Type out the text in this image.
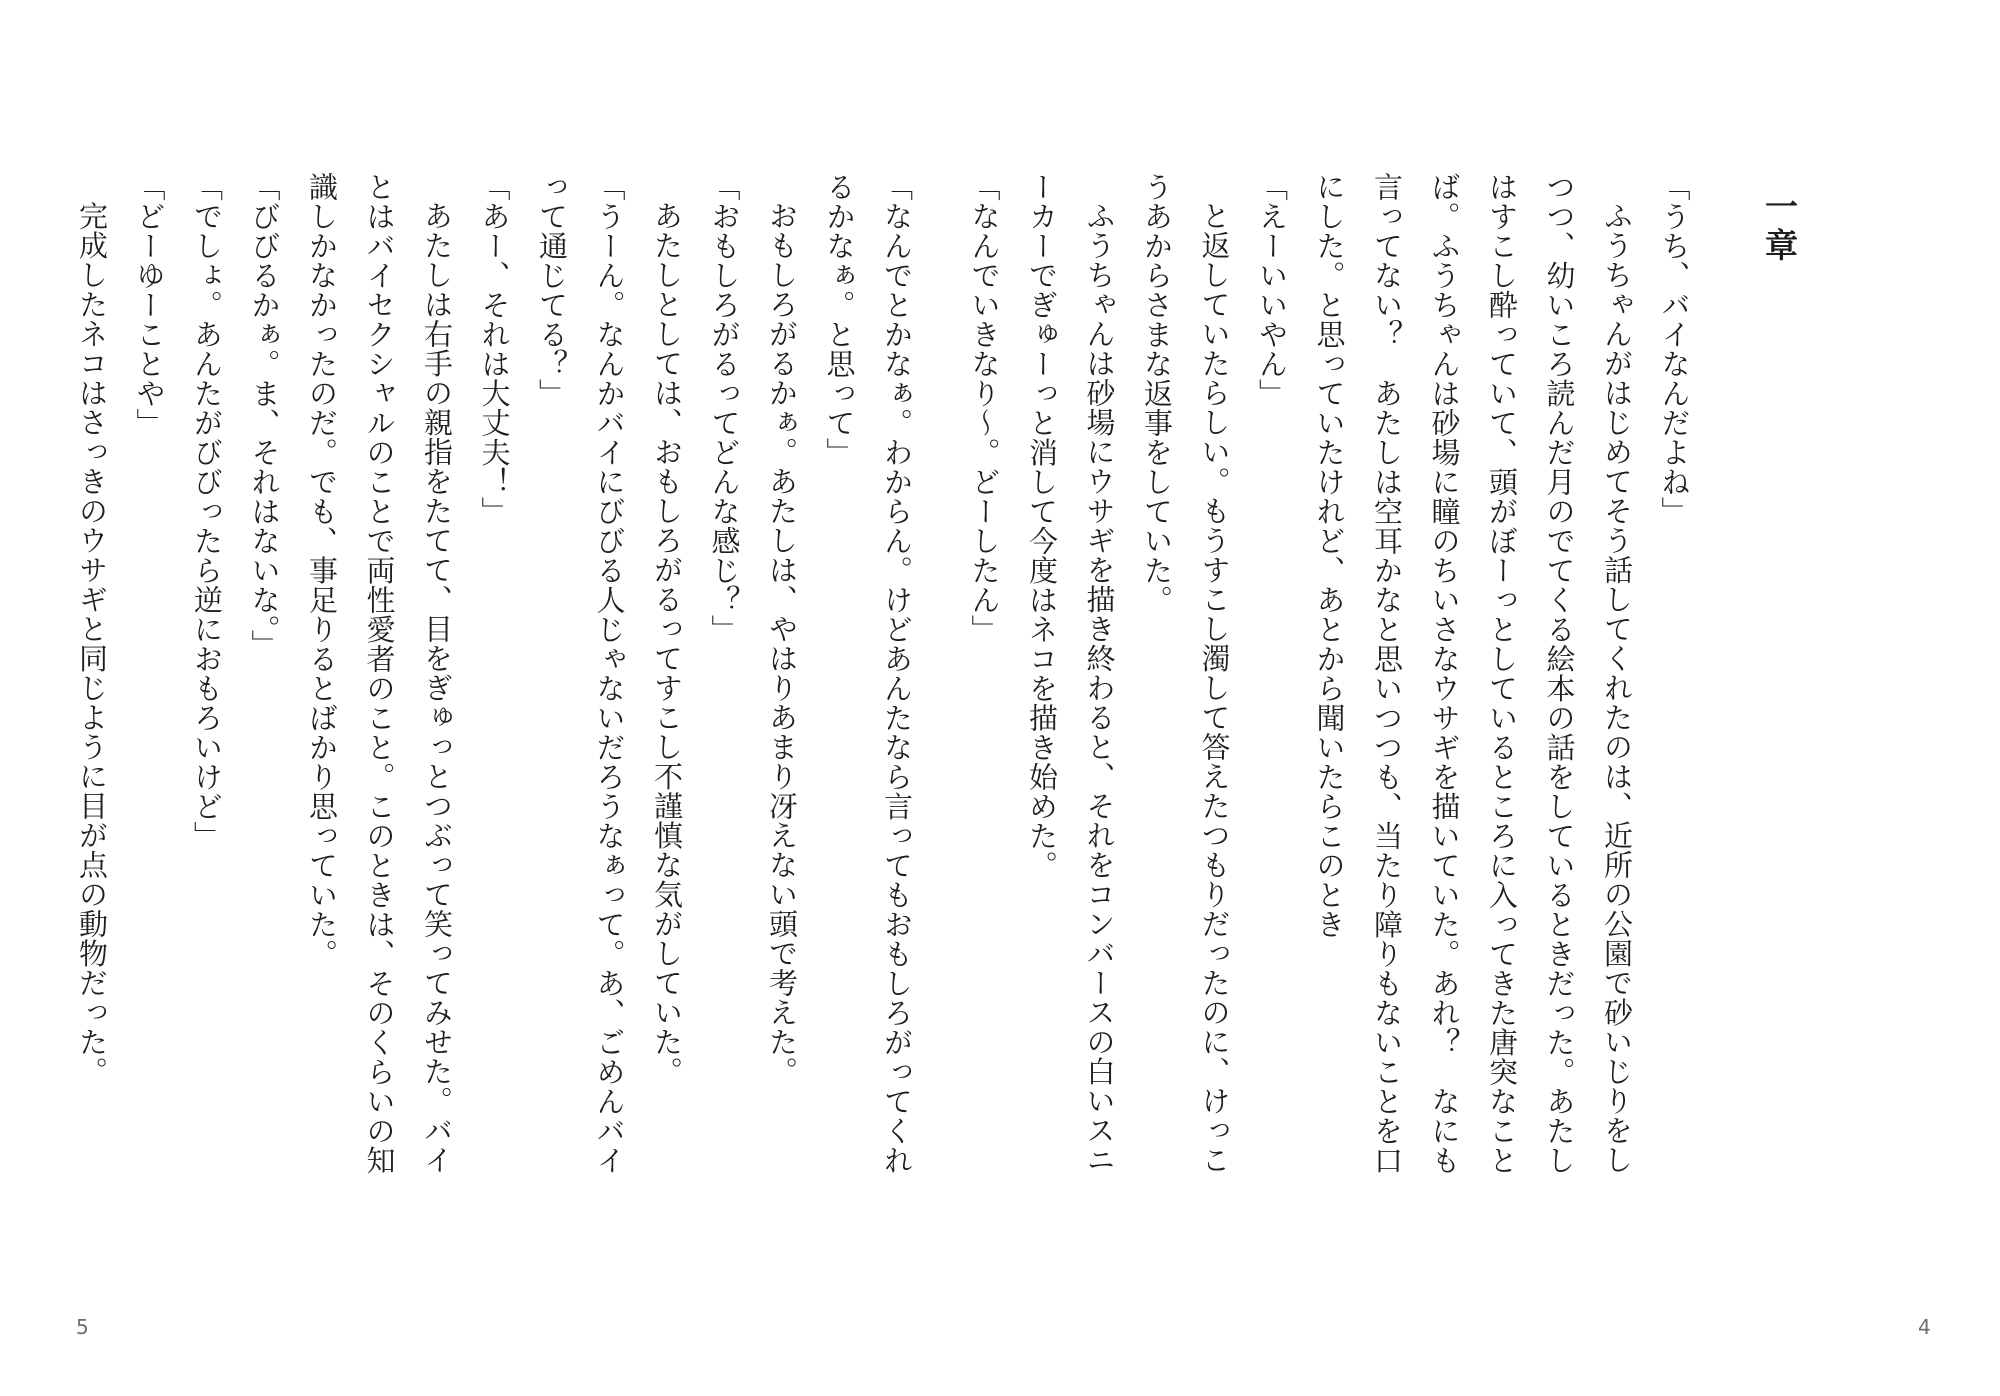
一章
「うち、バイなんだよね」
ふうちゃんがはじめてそう話してくれたのは、近所の公園で砂いじりをし
つつ、幼いころ読んだ月のでてくる絵本の話をしているときだった。あたし
はすこし酔っていて、頭がぼーっとしているところに入ってきた唐突なこと
ば。ふうちゃんは砂場に瞳のちいさなウサギを描いていた。あれ？　なにも
言ってない？　あたしは空耳かなと思いつつも、当たり障りもないことを口
にした。と思っていたけれど、あとから聞いたらこのとき
「えーいいやん」
と返していたらしい。もうすこし濁して答えたつもりだったのに、けっこ
うあからさまな返事をしていた。
ふうちゃんは砂場にウサギを描き終わると、それをコンバースの白いスニ
ーカーでぎゅーっと消して今度はネコを描き始めた。
「なんでいきなり〜。どーしたん」
4
「なんでとかなぁ。わからん。けどあんたなら言ってもおもしろがってくれ
るかなぁ。と思って」
おもしろがるかぁ。あたしは、やはりあまり冴えない頭で考えた。
「おもしろがるってどんな感じ？」
あたしとしては、おもしろがるってすこし不謹慎な気がしていた。
「うーん。なんかバイにびびる人じゃないだろうなぁって。あ、ごめんバイ
って通じてる？」
「あー、それは大丈夫！」
あたしは右手の親指をたてて、目をぎゅっとつぶって笑ってみせた。バイ
とはバイセクシャルのことで両性愛者のこと。このときは、そのくらいの知
識しかなかったのだ。でも、事足りるとばかり思っていた。
「びびるかぁ。ま、それはないな。」
「でしょ。あんたがびびったら逆におもろいけど」
「どーゆーことや」
完成したネコはさっきのウサギと同じように目が点の動物だった。
5
